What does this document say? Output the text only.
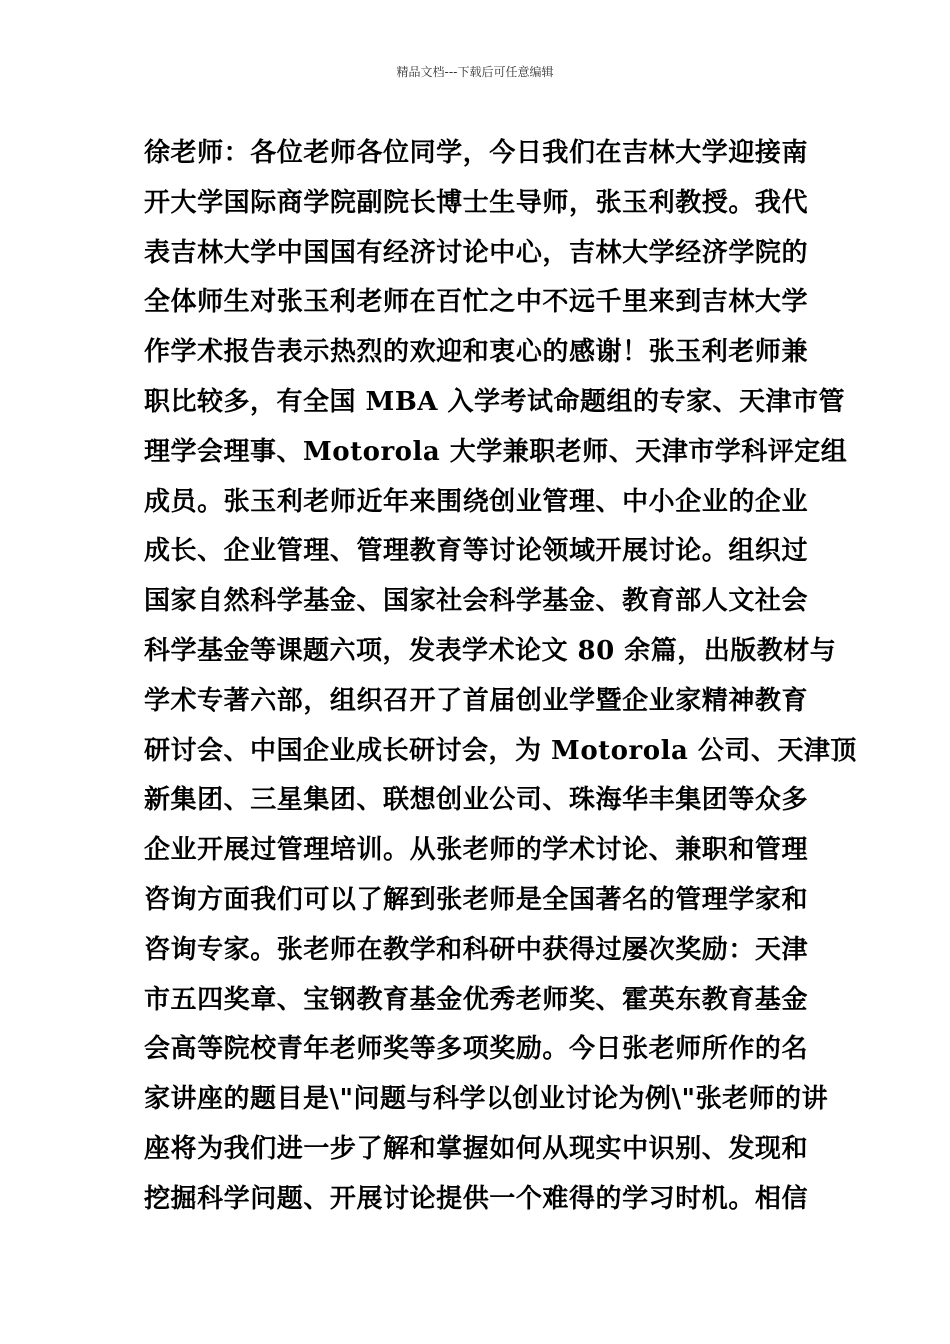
精品文档---下载后可任意编辑
徐老师：各位老师各位同学，今日我们在吉林大学迎接南
开大学国际商学院副院长博士生导师，张玉利教授。我代
表吉林大学中国国有经济讨论中心，吉林大学经济学院的
全体师生对张玉利老师在百忙之中不远千里来到吉林大学
作学术报告表示热烈的欢迎和衷心的感谢！张玉利老师兼
职比较多，有全国 MBA 入学考试命题组的专家、天津市管
理学会理事、Motorola 大学兼职老师、天津市学科评定组
成员。张玉利老师近年来围绕创业管理、中小企业的企业
成长、企业管理、管理教育等讨论领域开展讨论。组织过
国家自然科学基金、国家社会科学基金、教育部人文社会
科学基金等课题六项，发表学术论文 80 余篇，出版教材与
学术专著六部，组织召开了首届创业学暨企业家精神教育
研讨会、中国企业成长研讨会，为 Motorola 公司、天津顶
新集团、三星集团、联想创业公司、珠海华丰集团等众多
企业开展过管理培训。从张老师的学术讨论、兼职和管理
咨询方面我们可以了解到张老师是全国著名的管理学家和
咨询专家。张老师在教学和科研中获得过屡次奖励：天津
市五四奖章、宝钢教育基金优秀老师奖、霍英东教育基金
会高等院校青年老师奖等多项奖励。今日张老师所作的名
家讲座的题目是\"问题与科学以创业讨论为例\"张老师的讲
座将为我们进一步了解和掌握如何从现实中识别、发现和
挖掘科学问题、开展讨论提供一个难得的学习时机。相信
